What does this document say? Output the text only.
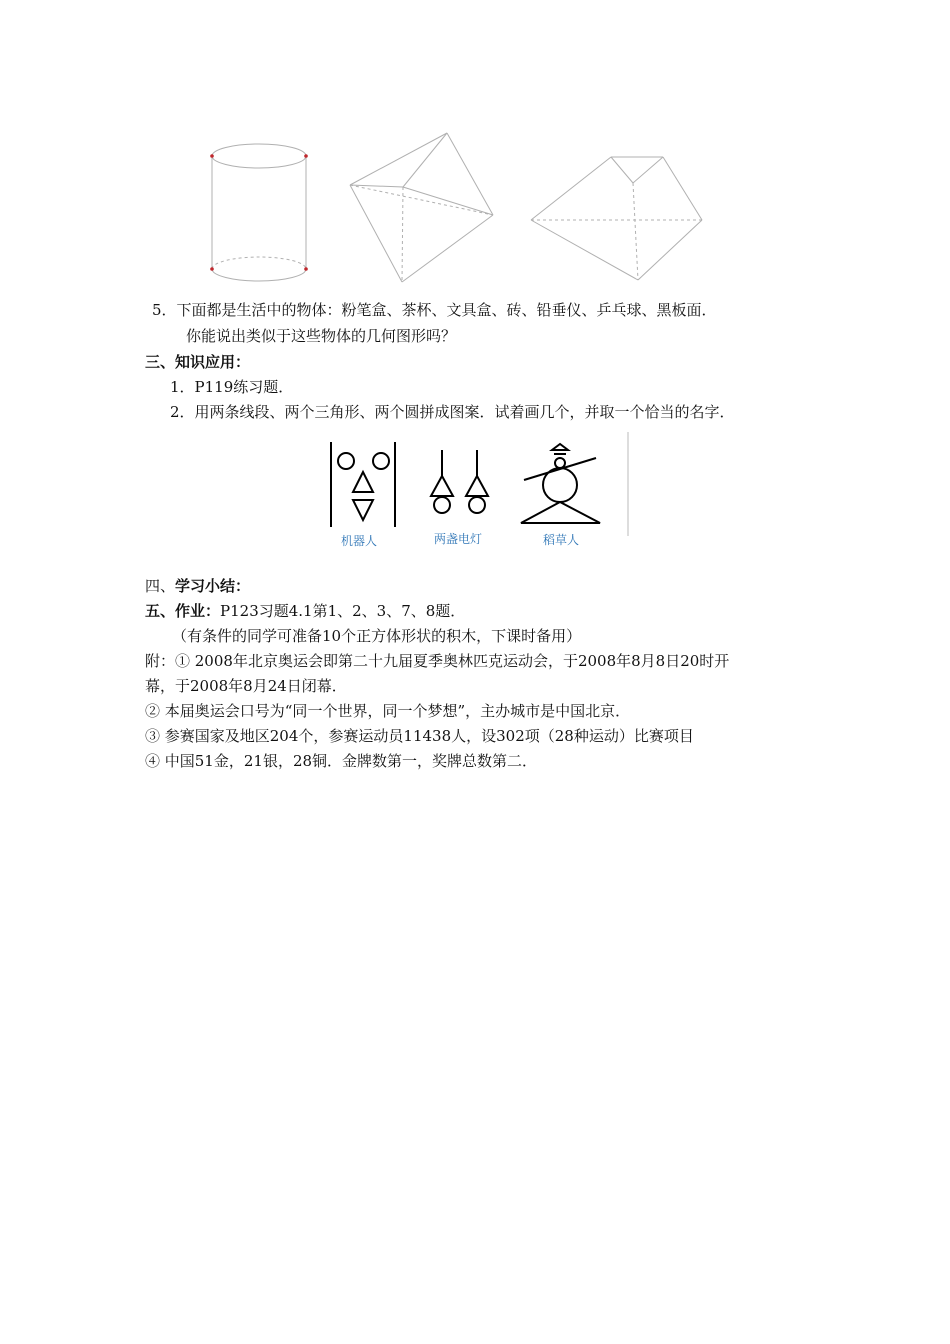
5．下面都是生活中的物体：粉笔盒、茶杯、文具盒、砖、铅垂仪、乒乓球、黑板面．
你能说出类似于这些物体的几何图形吗？
三、知识应用：
1．P119练习题．
2．用两条线段、两个三角形、两个圆拼成图案．试着画几个，并取一个恰当的名字．
机器人	两盏电灯	稻草人
四、学习小结：
五、作业：P123习题4.1第1、2、3、7、8题．
（有条件的同学可准备10个正方体形状的积木，下课时备用）
附：① 2008年北京奥运会即第二十九届夏季奥林匹克运动会，于2008年8月8日20时开
幕，于2008年8月24日闭幕．
② 本届奥运会口号为“同一个世界，同一个梦想”，主办城市是中国北京．
③ 参赛国家及地区204个，参赛运动员11438人，设302项（28种运动）比赛项目
④ 中国51金，21银，28铜．金牌数第一，奖牌总数第二．
